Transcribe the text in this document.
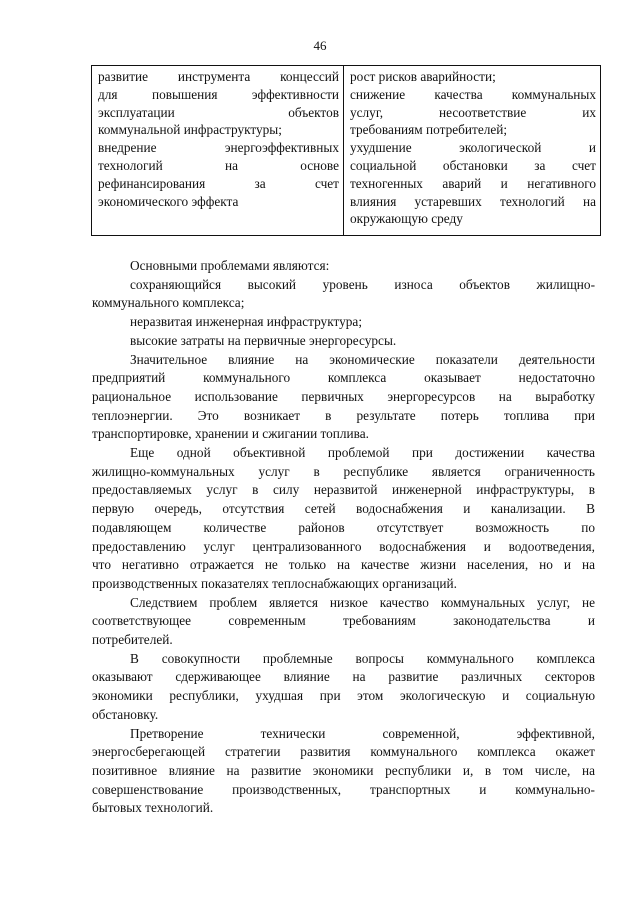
46
развитие инструмента концессий
для повышения эффективности
эксплуатации объектов
коммунальной инфраструктуры;
внедрение энергоэффективных
технологий на основе
рефинансирования за счет
экономического эффекта
рост рисков аварийности;
снижение качества коммунальных
услуг, несоответствие их
требованиям потребителей;
ухудшение экологической и
социальной обстановки за счет
техногенных аварий и негативного
влияния устаревших технологий на
окружающую среду
Основными проблемами являются:
сохраняющийся высокий уровень износа объектов жилищно-
коммунального комплекса;
неразвитая инженерная инфраструктура;
высокие затраты на первичные энергоресурсы.
Значительное влияние на экономические показатели деятельности
предприятий коммунального комплекса оказывает недостаточно
рациональное использование первичных энергоресурсов на выработку
теплоэнергии. Это возникает в результате потерь топлива при
транспортировке, хранении и сжигании топлива.
Еще одной объективной проблемой при достижении качества
жилищно-коммунальных услуг в республике является ограниченность
предоставляемых услуг в силу неразвитой инженерной инфраструктуры, в
первую очередь, отсутствия сетей водоснабжения и канализации. В
подавляющем количестве районов отсутствует возможность по
предоставлению услуг централизованного водоснабжения и водоотведения,
что негативно отражается не только на качестве жизни населения, но и на
производственных показателях теплоснабжающих организаций.
Следствием проблем является низкое качество коммунальных услуг, не
соответствующее современным требованиям законодательства и
потребителей.
В совокупности проблемные вопросы коммунального комплекса
оказывают сдерживающее влияние на развитие различных секторов
экономики республики, ухудшая при этом экологическую и социальную
обстановку.
Претворение технически современной, эффективной,
энергосберегающей стратегии развития коммунального комплекса окажет
позитивное влияние на развитие экономики республики и, в том числе, на
совершенствование производственных, транспортных и коммунально-
бытовых технологий.
